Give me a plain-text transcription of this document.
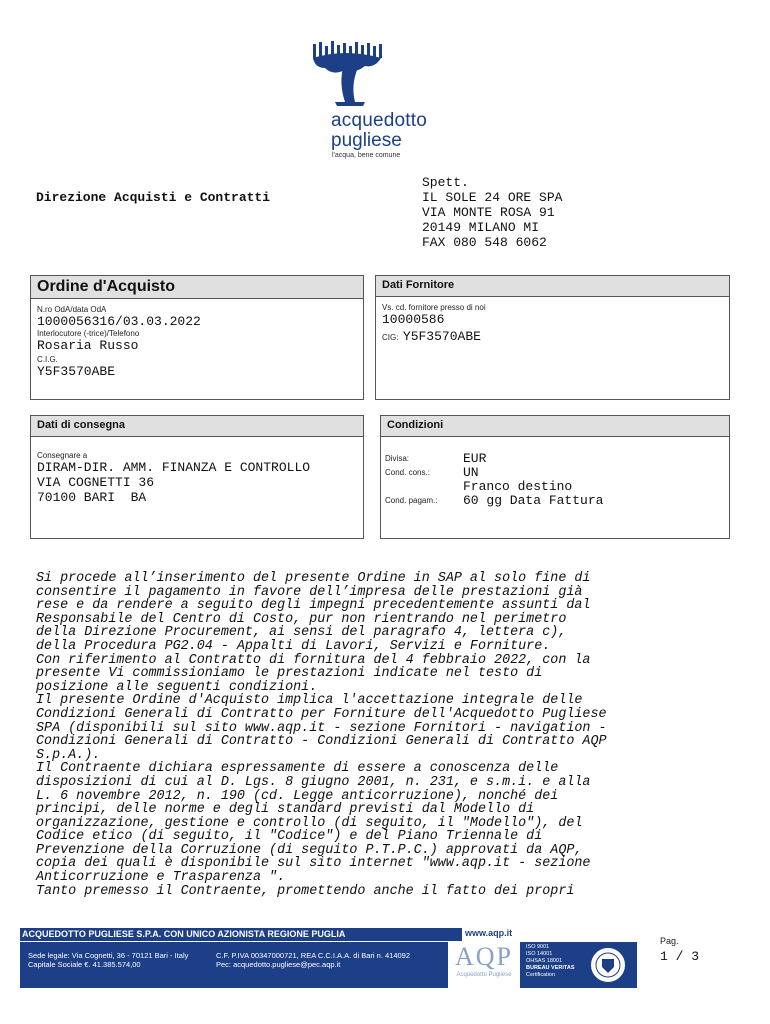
acquedotto
pugliese
l'acqua, bene comune
Direzione Acquisti e Contratti
Spett.
IL SOLE 24 ORE SPA
VIA MONTE ROSA 91
20149 MILANO MI
FAX 080 548 6062
Ordine d'Acquisto
N.ro OdA/data OdA
1000056316/03.03.2022
Interlocutore (-trice)/Telefono
Rosaria Russo
C.I.G.
Y5F3570ABE
Dati Fornitore
Vs. cd. fornitore presso di noi
10000586
CIG: Y5F3570ABE
Dati di consegna
Consegnare a
DIRAM-DIR. AMM. FINANZA E CONTROLLO
VIA COGNETTI 36
70100 BARI  BA
Condizioni
Divisa:	EUR
Cond. cons.:	UN
Franco destino
Cond. pagam.: 60 gg Data Fattura
Si procede all’inserimento del presente Ordine in SAP al solo fine di
consentire il pagamento in favore dell’impresa delle prestazioni già
rese e da rendere a seguito degli impegni precedentemente assunti dal
Responsabile del Centro di Costo, pur non rientrando nel perimetro
della Direzione Procurement, ai sensi del paragrafo 4, lettera c),
della Procedura PG2.04 - Appalti di Lavori, Servizi e Forniture.
Con riferimento al Contratto di fornitura del 4 febbraio 2022, con la
presente Vi commissioniamo le prestazioni indicate nel testo di
posizione alle seguenti condizioni.
Il presente Ordine d'Acquisto implica l'accettazione integrale delle
Condizioni Generali di Contratto per Forniture dell'Acquedotto Pugliese
SPA (disponibili sul sito www.aqp.it - sezione Fornitori - navigation -
Condizioni Generali di Contratto - Condizioni Generali di Contratto AQP
S.p.A.).
Il Contraente dichiara espressamente di essere a conoscenza delle
disposizioni di cui al D. Lgs. 8 giugno 2001, n. 231, e s.m.i. e alla
L. 6 novembre 2012, n. 190 (cd. Legge anticorruzione), nonché dei
principi, delle norme e degli standard previsti dal Modello di
organizzazione, gestione e controllo (di seguito, il "Modello"), del
Codice etico (di seguito, il "Codice") e del Piano Triennale di
Prevenzione della Corruzione (di seguito P.T.P.C.) approvati da AQP,
copia dei quali è disponibile sul sito internet "www.aqp.it - sezione
Anticorruzione e Trasparenza ".
Tanto premesso il Contraente, promettendo anche il fatto dei propri
ACQUEDOTTO PUGLIESE S.P.A. CON UNICO AZIONISTA REGIONE PUGLIA	www.aqp.it
Sede legale: Via Cognetti, 36 - 70121 Bari - Italy
Capitale Sociale €. 41.385.574,00
C.F. P.IVA 00347000721, REA C.C.I.A.A. di Bari n. 414092
Pec: acquedotto.pugliese@pec.aqp.it	AQP
Acquedotto Pugliese
ISO 9001
ISO 14001
OHSAS 18001
BUREAU VERITAS
Certification
Pag.
1 / 3
